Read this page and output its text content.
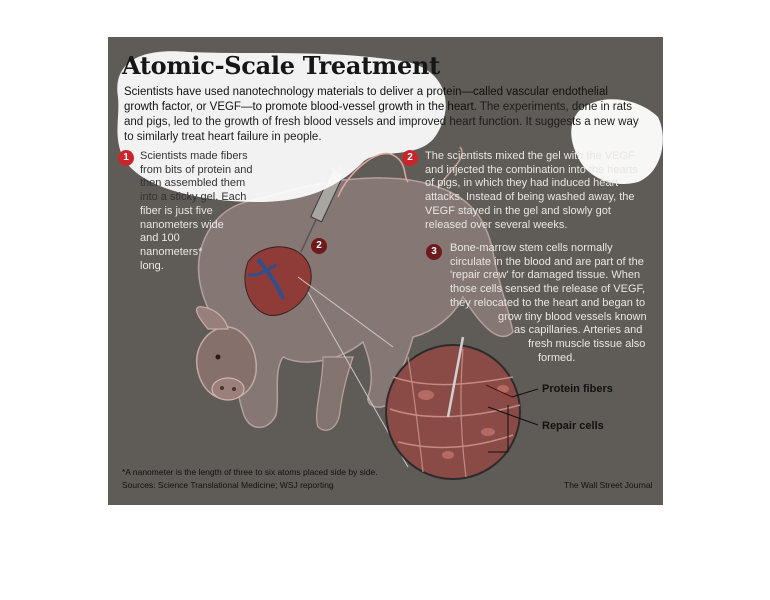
Atomic-Scale Treatment
Scientists have used nanotechnology materials to deliver a protein—called vascular endothelial growth factor, or VEGF—to promote blood-vessel growth in the heart. The experiments, done in rats and pigs, led to the growth of fresh blood vessels and improved heart function. It suggests a new way to similarly treat heart failure in people.
1	Scientists made fibers
from bits of protein and
then assembled them
into a sticky gel. Each
fiber is just five
nanometers wide
and 100
nanometers*
long.
2	The scientists mixed the gel with the VEGF and injected the combination into the hearts of pigs, in which they had induced heart attacks. Instead of being washed away, the VEGF stayed in the gel and slowly got released over several weeks.
2
3	Bone-marrow stem cells normally
circulate in the blood and are part of the
'repair crew' for damaged tissue. When
those cells sensed the release of VEGF,
they relocated to the heart and began to
grow tiny blood vessels known
as capillaries. Arteries and
fresh muscle tissue also
formed.
Protein fibers
Repair cells
*A nanometer is the length of three to six atoms placed side by side.
Sources: Science Translational Medicine; WSJ reporting	The Wall Street Journal
